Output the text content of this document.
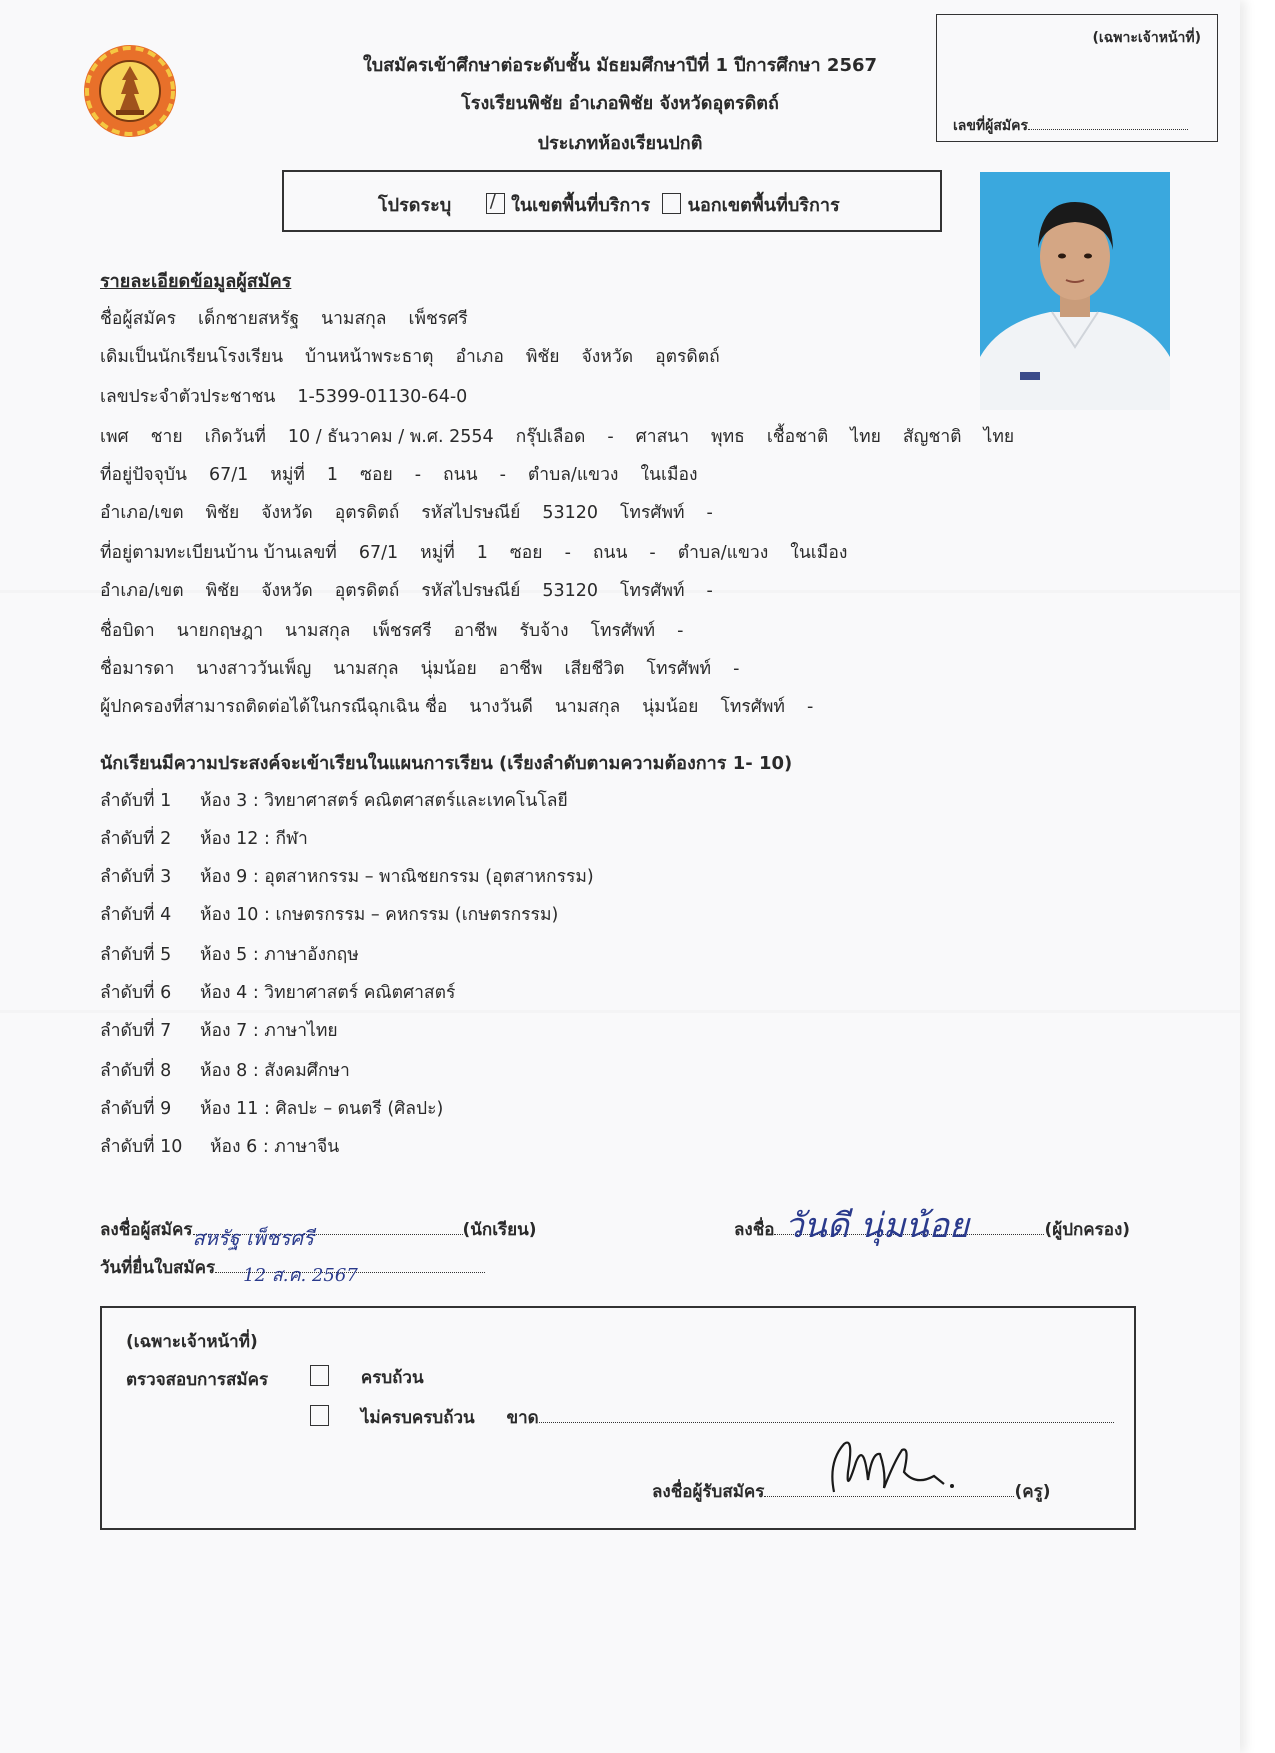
ใบสมัครเข้าศึกษาต่อระดับชั้น มัธยมศึกษาปีที่ 1 ปีการศึกษา 2567
โรงเรียนพิชัย อำเภอพิชัย จังหวัดอุตรดิตถ์
ประเภทห้องเรียนปกติ
(เฉพาะเจ้าหน้าที่)
เลขที่ผู้สมัคร
โปรดระบุ / ในเขตพื้นที่บริการ นอกเขตพื้นที่บริการ
รายละเอียดข้อมูลผู้สมัคร
ชื่อผู้สมัคร เด็กชายสหรัฐ นามสกุล เพ็ชรศรี
เดิมเป็นนักเรียนโรงเรียน บ้านหน้าพระธาตุ อำเภอ พิชัย จังหวัด อุตรดิตถ์
เลขประจำตัวประชาชน 1-5399-01130-64-0
เพศ ชาย เกิดวันที่ 10 / ธันวาคม / พ.ศ. 2554 กรุ๊ปเลือด - ศาสนา พุทธ เชื้อชาติ ไทย สัญชาติ ไทย
ที่อยู่ปัจจุบัน 67/1 หมู่ที่ 1 ซอย - ถนน - ตำบล/แขวง ในเมือง
อำเภอ/เขต พิชัย จังหวัด อุตรดิตถ์ รหัสไปรษณีย์ 53120 โทรศัพท์ -
ที่อยู่ตามทะเบียนบ้าน บ้านเลขที่ 67/1 หมู่ที่ 1 ซอย - ถนน - ตำบล/แขวง ในเมือง
อำเภอ/เขต พิชัย จังหวัด อุตรดิตถ์ รหัสไปรษณีย์ 53120 โทรศัพท์ -
ชื่อบิดา นายกฤษฎา นามสกุล เพ็ชรศรี อาชีพ รับจ้าง โทรศัพท์ -
ชื่อมารดา นางสาววันเพ็ญ นามสกุล นุ่มน้อย อาชีพ เสียชีวิต โทรศัพท์ -
ผู้ปกครองที่สามารถติดต่อได้ในกรณีฉุกเฉิน ชื่อ นางวันดี นามสกุล นุ่มน้อย โทรศัพท์ -
นักเรียนมีความประสงค์จะเข้าเรียนในแผนการเรียน (เรียงลำดับตามความต้องการ 1- 10)
ลำดับที่ 1 ห้อง 3 : วิทยาศาสตร์ คณิตศาสตร์และเทคโนโลยี
ลำดับที่ 2 ห้อง 12 : กีฬา
ลำดับที่ 3 ห้อง 9 : อุตสาหกรรม – พาณิชยกรรม (อุตสาหกรรม)
ลำดับที่ 4 ห้อง 10 : เกษตรกรรม – คหกรรม (เกษตรกรรม)
ลำดับที่ 5 ห้อง 5 : ภาษาอังกฤษ
ลำดับที่ 6 ห้อง 4 : วิทยาศาสตร์ คณิตศาสตร์
ลำดับที่ 7 ห้อง 7 : ภาษาไทย
ลำดับที่ 8 ห้อง 8 : สังคมศึกษา
ลำดับที่ 9 ห้อง 11 : ศิลปะ – ดนตรี (ศิลปะ)
ลำดับที่ 10 ห้อง 6 : ภาษาจีน
ลงชื่อผู้สมัคร สหรัฐ เพ็ชรศรี	(นักเรียน)
วันที่ยื่นใบสมัคร 12 ส.ค. 2567
ลงชื่อ วันดี นุ่มน้อย	(ผู้ปกครอง)
(เฉพาะเจ้าหน้าที่)
ตรวจสอบการสมัคร	ครบถ้วน
ไม่ครบครบถ้วน ขาด
ลงชื่อผู้รับสมัคร	(ครู)
